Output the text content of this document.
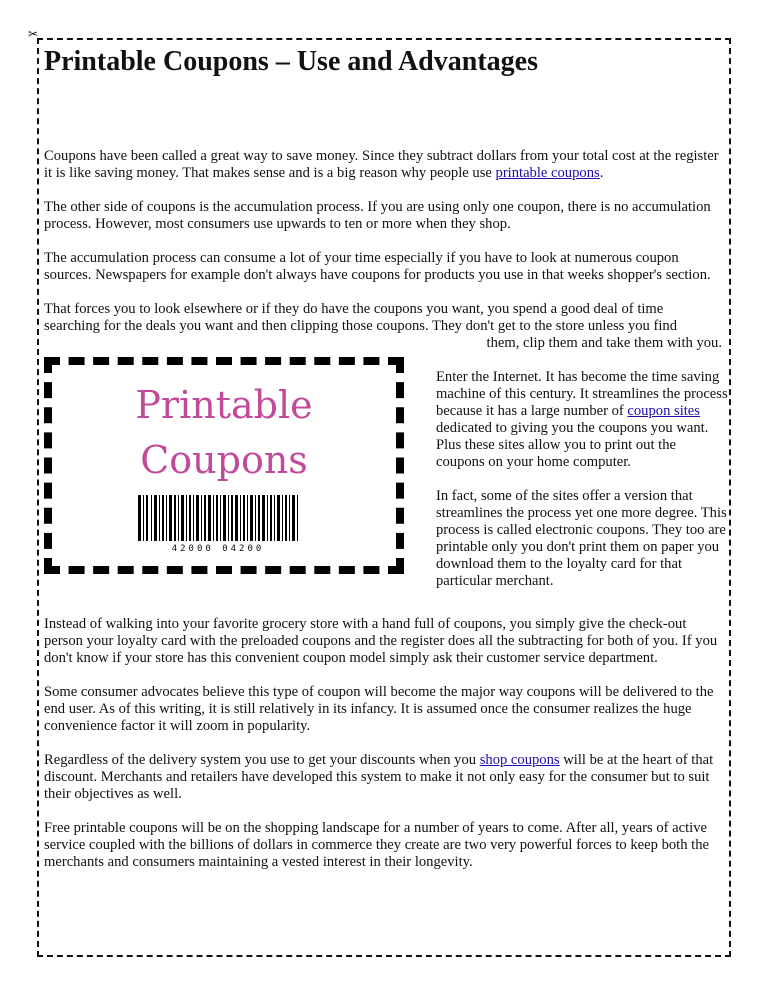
✂
Printable Coupons – Use and Advantages

Coupons have been called a great way to save money. Since they subtract dollars from your total cost at the register it is like saving money. That makes sense and is a big reason why people use printable coupons.

The other side of coupons is the accumulation process. If you are using only one coupon, there is no accumulation process. However, most consumers use upwards to ten or more when they shop.

The accumulation process can consume a lot of your time especially if you have to look at numerous coupon sources. Newspapers for example don't always have coupons for products you use in that weeks shopper's section.

That forces you to look elsewhere or if they do have the coupons you want, you spend a good deal of time searching for the deals you want and then clipping those coupons. They don't get to the store unless you find

them, clip them and take them with you.

Printable
Coupons
42000 04200

Enter the Internet. It has become the time saving machine of this century. It streamlines the process because it has a large number of coupon sites dedicated to giving you the coupons you want. Plus these sites allow you to print out the coupons on your home computer.

In fact, some of the sites offer a version that streamlines the process yet one more degree. This process is called electronic coupons. They too are printable only you don't print them on paper you download them to the loyalty card for that particular merchant.

Instead of walking into your favorite grocery store with a hand full of coupons, you simply give the check-out person your loyalty card with the preloaded coupons and the register does all the subtracting for both of you. If you don't know if your store has this convenient coupon model simply ask their customer service department.

Some consumer advocates believe this type of coupon will become the major way coupons will be delivered to the end user. As of this writing, it is still relatively in its infancy. It is assumed once the consumer realizes the huge convenience factor it will zoom in popularity.

Regardless of the delivery system you use to get your discounts when you shop coupons will be at the heart of that discount. Merchants and retailers have developed this system to make it not only easy for the consumer but to suit their objectives as well.

Free printable coupons will be on the shopping landscape for a number of years to come. After all, years of active service coupled with the billions of dollars in commerce they create are two very powerful forces to keep both the merchants and consumers maintaining a vested interest in their longevity.
